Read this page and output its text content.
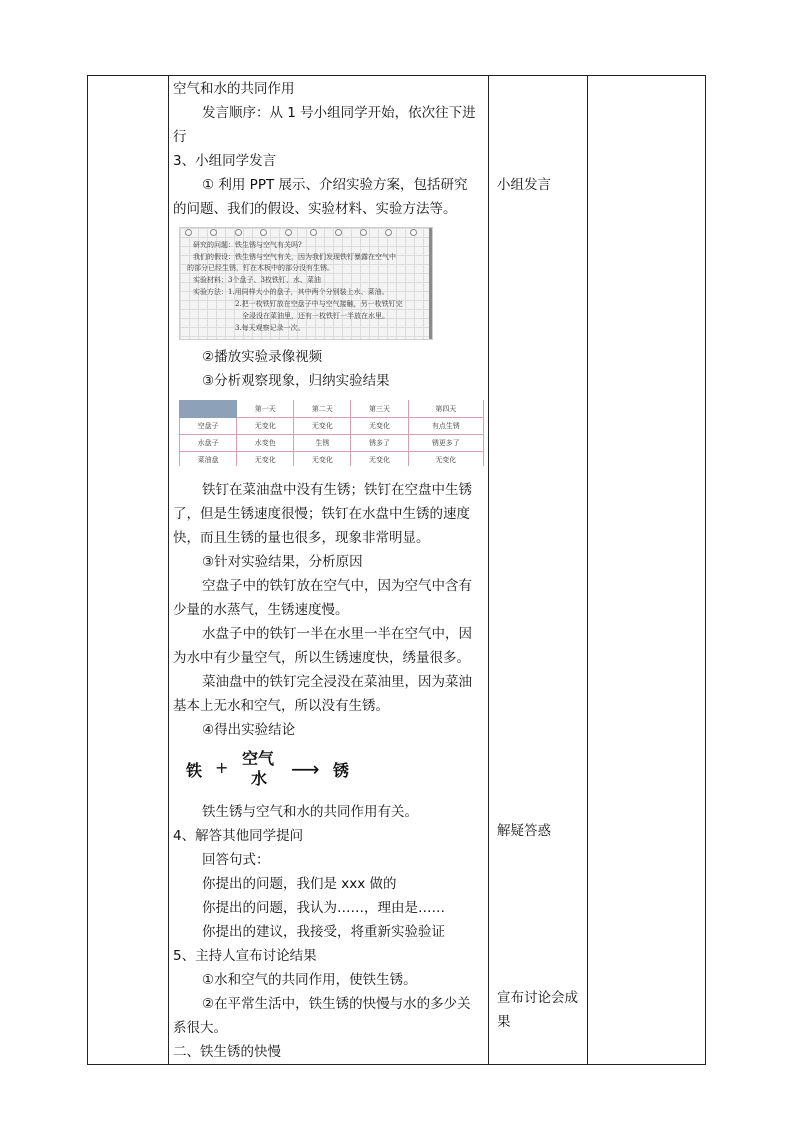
空气和水的共同作用
发言顺序：从 1 号小组同学开始，依次往下进
行
3、小组同学发言
① 利用 PPT 展示、介绍实验方案，包括研究
的问题、我们的假设、实验材料、实验方法等。
研究的问题：铁生锈与空气有关吗?
我们的假设：铁生锈与空气有关，因为我们发现铁钉暴露在空气中
的部分已经生锈，钉在木板中的部分没有生锈。
实验材料：3个盘子、3枚铁钉、水、菜油
实验方法：1.用同样大小的盘子，其中两个分别装上水、菜油。
2.把一枚铁钉放在空盘子中与空气接触，另一枚铁钉完
全浸没在菜油里，还有一枚铁钉一半放在水里。
3.每天观察记录一次。
②播放实验录像视频
③分析观察现象，归纳实验结果
	第一天	第二天	第三天	第四天
空盘子	无变化	无变化	无变化	有点生锈
水盘子	水变色	生锈	锈多了	锈更多了
菜油盘	无变化	无变化	无变化	无变化
铁钉在菜油盘中没有生锈；铁钉在空盘中生锈
了，但是生锈速度很慢；铁钉在水盘中生锈的速度
快，而且生锈的量也很多，现象非常明显。
③针对实验结果，分析原因
空盘子中的铁钉放在空气中，因为空气中含有
少量的水蒸气，生锈速度慢。
水盘子中的铁钉一半在水里一半在空气中，因
为水中有少量空气，所以生锈速度快，绣量很多。
菜油盘中的铁钉完全浸没在菜油里，因为菜油
基本上无水和空气，所以没有生锈。
④得出实验结论
铁 + 空气
水 ⟶ 锈
铁生锈与空气和水的共同作用有关。
4、解答其他同学提问
回答句式：
你提出的问题，我们是 xxx 做的
你提出的问题，我认为……，理由是……
你提出的建议，我接受，将重新实验验证
5、主持人宣布讨论结果
①水和空气的共同作用，使铁生锈。
②在平常生活中，铁生锈的快慢与水的多少关
系很大。
二、铁生锈的快慢
小组发言
解疑答惑
宣布讨论会成
果
